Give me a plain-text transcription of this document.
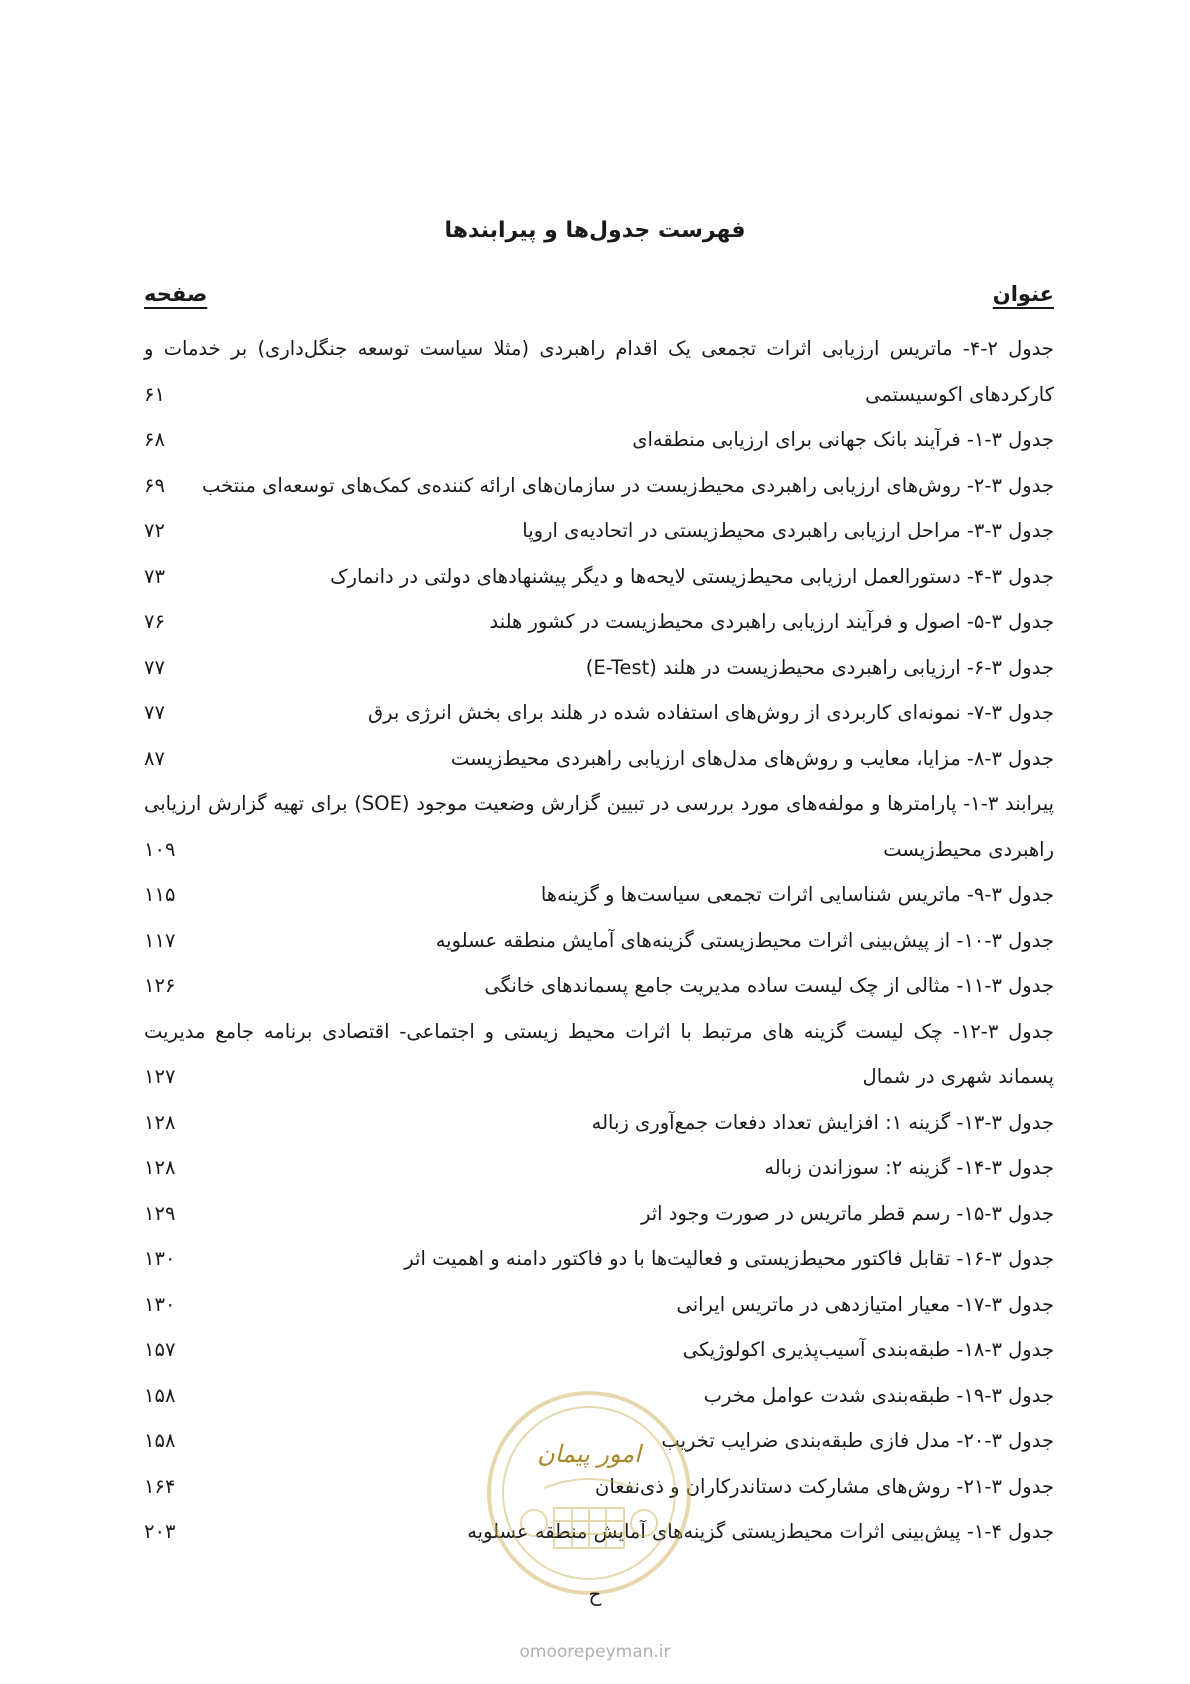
فهرست جدول‌ها و پیرابندها
عنوان
صفحه
جدول ۲-۴- ماتریس ارزیابی اثرات تجمعی یک اقدام راهبردی (مثلا سیاست توسعه جنگل‌داری) بر خدمات و
کارکردهای اکوسیستمی
۶۱
جدول ۳-۱- فرآیند بانک جهانی برای ارزیابی منطقه‌ای
۶۸
جدول ۳-۲- روش‌های ارزیابی راهبردی محیط‌زیست در سازمان‌های ارائه کننده‌ی کمک‌های توسعه‌ای منتخب
۶۹
جدول ۳-۳- مراحل ارزیابی راهبردی محیط‌زیستی در اتحادیه‌ی اروپا
۷۲
جدول ۳-۴- دستورالعمل ارزیابی محیط‌زیستی لایحه‌ها و دیگر پیشنهادهای دولتی در دانمارک
۷۳
جدول ۳-۵- اصول و فرآیند ارزیابی راهبردی محیط‌زیست در کشور هلند
۷۶
جدول ۳-۶- ارزیابی راهبردی محیط‌زیست در هلند (E-Test)
۷۷
جدول ۳-۷- نمونه‌ای کاربردی از روش‌های استفاده شده در هلند برای بخش انرژی برق
۷۷
جدول ۳-۸- مزایا، معایب و روش‌های مدل‌های ارزیابی راهبردی محیط‌زیست
۸۷
پیرابند ۳-۱- پارامترها و مولفه‌های مورد بررسی در تبیین گزارش وضعیت موجود (SOE) برای تهیه گزارش ارزیابی
راهبردی محیط‌زیست
۱۰۹
جدول ۳-۹- ماتریس شناسایی اثرات تجمعی سیاست‌ها و گزینه‌ها
۱۱۵
جدول ۳-۱۰- از پیش‌بینی اثرات محیط‌زیستی گزینه‌های آمایش منطقه عسلویه
۱۱۷
جدول ۳-۱۱- مثالی از چک لیست ساده مدیریت جامع پسماندهای خانگی
۱۲۶
جدول ۳-۱۲- چک لیست گزینه های مرتبط با اثرات محیط زیستی و اجتماعی- اقتصادی برنامه جامع مدیریت
پسماند شهری در شمال
۱۲۷
جدول ۳-۱۳- گزینه ۱: افزایش تعداد دفعات جمع‌آوری زباله
۱۲۸
جدول ۳-۱۴- گزینه ۲: سوزاندن زباله
۱۲۸
جدول ۳-۱۵- رسم قطر ماتریس در صورت وجود اثر
۱۲۹
جدول ۳-۱۶- تقابل فاکتور محیط‌زیستی و فعالیت‌ها با دو فاکتور دامنه و اهمیت اثر
۱۳۰
جدول ۳-۱۷- معیار امتیازدهی در ماتریس ایرانی
۱۳۰
جدول ۳-۱۸- طبقه‌بندی آسیب‌پذیری اکولوژیکی
۱۵۷
جدول ۳-۱۹- طبقه‌بندی شدت عوامل مخرب
۱۵۸
جدول ۳-۲۰- مدل فازی طبقه‌بندی ضرایب تخریب
۱۵۸
جدول ۳-۲۱- روش‌های مشارکت دستاندرکاران و ذی‌نفعان
۱۶۴
جدول ۴-۱- پیش‌بینی اثرات محیط‌زیستی گزینه‌های آمایش منطقه عسلویه
۲۰۳
امور پیمان
ح
omoorepeyman.ir
